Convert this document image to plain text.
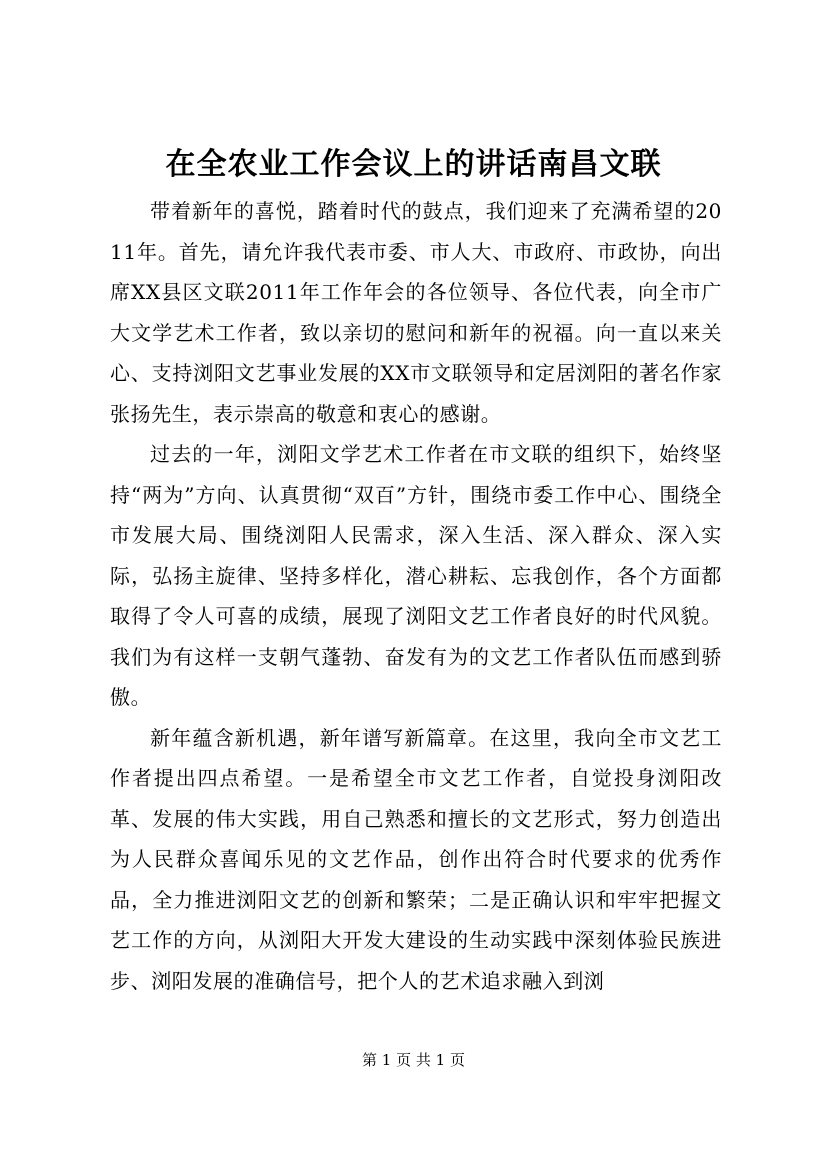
在全农业工作会议上的讲话南昌文联

带着新年的喜悦，踏着时代的鼓点，我们迎来了充满希望的2011年。首先，请允许我代表市委、市人大、市政府、市政协，向出席XX县区文联2011年工作年会的各位领导、各位代表，向全市广大文学艺术工作者，致以亲切的慰问和新年的祝福。向一直以来关心、支持浏阳文艺事业发展的XX市文联领导和定居浏阳的著名作家张扬先生，表示崇高的敬意和衷心的感谢。

过去的一年，浏阳文学艺术工作者在市文联的组织下，始终坚持“两为”方向、认真贯彻“双百”方针，围绕市委工作中心、围绕全市发展大局、围绕浏阳人民需求，深入生活、深入群众、深入实际，弘扬主旋律、坚持多样化，潜心耕耘、忘我创作，各个方面都取得了令人可喜的成绩，展现了浏阳文艺工作者良好的时代风貌。我们为有这样一支朝气蓬勃、奋发有为的文艺工作者队伍而感到骄傲。

新年蕴含新机遇，新年谱写新篇章。在这里，我向全市文艺工作者提出四点希望。一是希望全市文艺工作者，自觉投身浏阳改革、发展的伟大实践，用自己熟悉和擅长的文艺形式，努力创造出为人民群众喜闻乐见的文艺作品，创作出符合时代要求的优秀作品，全力推进浏阳文艺的创新和繁荣；二是正确认识和牢牢把握文艺工作的方向，从浏阳大开发大建设的生动实践中深刻体验民族进步、浏阳发展的准确信号，把个人的艺术追求融入到浏

第 1 页 共 1 页
